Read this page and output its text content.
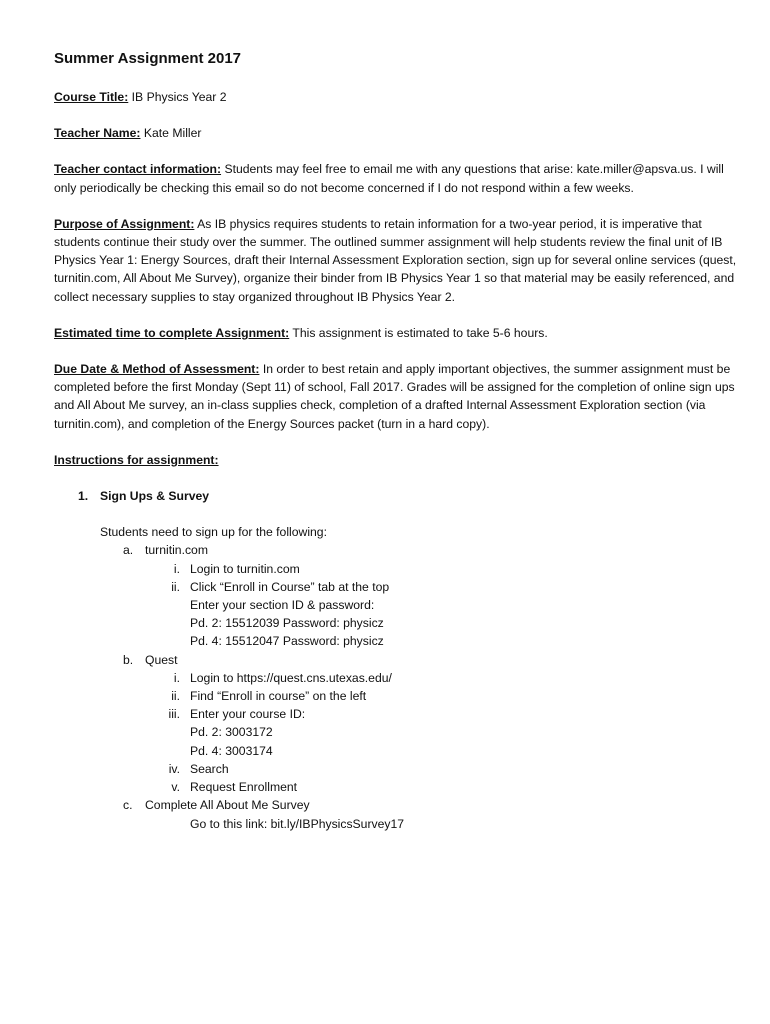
Summer Assignment 2017

Course Title: IB Physics Year 2

Teacher Name: Kate Miller

Teacher contact information: Students may feel free to email me with any questions that arise: kate.miller@apsva.us. I will only periodically be checking this email so do not become concerned if I do not respond within a few weeks.

Purpose of Assignment: As IB physics requires students to retain information for a two-year period, it is imperative that students continue their study over the summer. The outlined summer assignment will help students review the final unit of IB Physics Year 1: Energy Sources, draft their Internal Assessment Exploration section, sign up for several online services (quest, turnitin.com, All About Me Survey), organize their binder from IB Physics Year 1 so that material may be easily referenced, and collect necessary supplies to stay organized throughout IB Physics Year 2.

Estimated time to complete Assignment: This assignment is estimated to take 5-6 hours.

Due Date & Method of Assessment: In order to best retain and apply important objectives, the summer assignment must be completed before the first Monday (Sept 11) of school, Fall 2017. Grades will be assigned for the completion of online sign ups and All About Me survey, an in-class supplies check, completion of a drafted Internal Assessment Exploration section (via turnitin.com), and completion of the Energy Sources packet (turn in a hard copy).

Instructions for assignment:
1. Sign Ups & Survey
Students need to sign up for the following:
a. turnitin.com
i. Login to turnitin.com
ii. Click “Enroll in Course” tab at the top
Enter your section ID & password:
Pd. 2: 15512039 Password: physicz
Pd. 4: 15512047 Password: physicz
b. Quest
i. Login to https://quest.cns.utexas.edu/
ii. Find “Enroll in course” on the left
iii. Enter your course ID:
Pd. 2: 3003172
Pd. 4: 3003174
iv. Search
v. Request Enrollment
c. Complete All About Me Survey
Go to this link: bit.ly/IBPhysicsSurvey17
